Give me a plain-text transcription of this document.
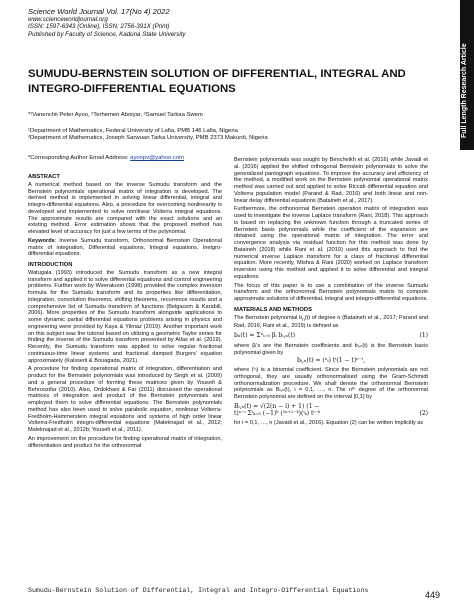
Science World Journal Vol. 17(No 4) 2022
www.scienceworldjournal.org
ISSN: 1597-6343 (Online), ISSN: 2756-391X (Print)
Published by Faculty of Science, Kaduna State University
Full Length Research Article
SUMUDU-BERNSTEIN SOLUTION OF DIFFERENTIAL, INTEGRAL AND INTEGRO-DIFFERENTIAL EQUATIONS
*¹Vanenchii Peter Ayoo, ²Terhemen Aboiyar, ²Samuel Tarkaa Swem
¹Department of Mathematics, Federal University of Lafia, PMB 146 Lafia, Nigeria
²Department of Mathematics, Joseph Sarwuan Tarka University, PMB 2373 Makurdi, Nigeria
*Corresponding Author Email Address: ayoopv@yahoo.com
ABSTRACT

A numerical method based on the inverse Sumudu transform and the Bernstein polynomials operational matrix of integration is developed. The derived method is implemented in solving linear differential, integral and integro-differential equations. Also, a procedure for overcoming nonlinearity is developed and implemented to solve nonlinear Volterra integral equations. The approximate results are compared with the exact solutions and an existing method. Error estimation shows that the proposed method has elevated level of accuracy for just a few terms of the polynomial.

Keywords: Inverse Sumudu transform, Orthonormal Bernstein Operational matrix of integration, Differential equations, Integral equations, Inetgro-differential equations.

INTRODUCTION

Watugala (1993) introduced the Sumudu transform as a new integral transform and applied it to solve differential equations and control engineering problems. Further work by Weerakoon (1998) provided the complex inversion formula for the Sumudu transform and its properties like differentiation, integration, convolution theorems, shifting theorems, recurrence results and a comprehensive list of Sumudu transform of functions (Belgacem & Karabili, 2006). More properties of the Sumudu transform alongside applications to some dynamic partial differential equations problems arising in physics and engineering were provided by Kaya & Yilmaz (2019). Another important work on this subject was the tutorial based on utilizing a geometric Taylor series for finding the inverse of the Sumudu transform presented by Atlas et al. (2019). Recently, the Sumudu transform was applied to solve regular fractional continuous-time linear systems and fractional damped Burgers' equation approximately (Kaisserli & Bouagada, 2021).

A procedure for finding operational matrix of integration, differentiation and product for the Bernstein polynomials was introduced by Singh et al. (2009) and a general procedure of forming these matrices given by Yousefi & Behroozifar (2010). Also, Ordokhani & Far (2011) discussed the operational matrices of integration and product of the Bernstein polynomials and employed them to solve differential equations. The Bernstein polynomials method has also been used to solve parabolic equation, nonlinear Volterra-Fredholm-Hammerstein integral equations and systems of high order linear Volterra-Fredholm integro-differential equations (Maleknajad et al., 2012; Maleknajad et al., 2012b; Yousefi et al., 2011).

An improvement on the procedure for finding operational matrix of integration, differentiation and product for the orthonormal

Bernstein polynomials was sought by Bencheikh et al. (2016) while Javadi et al. (2016) applied the shifted orthogonal Bernstein polynomials to solve the generalized pantograph equations. To improve the accuracy and efficiency of the method, a modified work on the Bernstein polynomial operational matrix method was carried out and applied to solve Riccati differential equation and Volterra population model (Parand & Rad, 2016) and both linear and non-linear delay differential equations (Bataineh et al., 2017).

Furthermore, the orthonormal Bernstein operation matrix of integration was used to investigate the inverse Laplace transform (Rani, 2018). This approach is based on replacing the unknown function through a truncated series of Bernstein basis polynomials while the coefficient of the expansion are obtained using the operational matrix of integration. The error and convergence analysis via residual function for this method was done by Bataineh (2018) while Rani et al. (2019) used this approach to find the numerical inverse Laplace transform for a class of fractional differential equation. More recently, Mishra & Rani (2020) worked on Laplace transform inversion using this method and applied it to solve differential and integral equations.

The focus of this paper is to use a combination of the inverse Sumudu transform and the orthonormal Bernstein polynomials matrix to compute approximate solutions of differential, integral and integro-differential equations.

MATERIALS AND METHODS

The Bernstein polynomial $b_n(t)$ of degree n (Bataineh et al., 2017; Parand and Rad, 2016; Rani et al., 2019) is defined as

bₙ(t) = Σⁿᵢ₌₀ βᵢ bᵢ,ₙ(t)	(1)

where βᵢ's are the Bernstein coefficients and bᵢ,ₙ(t) is the Bernstein basis polynomial given by

bᵢ,ₙ(t) = (ⁿᵢ) tⁱ(1 − t)ⁿ⁻ⁱ,

where (ⁿᵢ) is a binomial coefficient. Since the Bernstein polynomials are not orthogonal, they are usually orthonormalised using the Gram-Schmidt orthonormalization procedure. We shall denote the orthonormal Bernstein polynomials as Bᵢ,ₙ(t), i = 0,1, …, n. The nᵗʰ degree of the orthonormal Bernstein polynomial are defined on the interval [0,1] by

Bᵢ,ₙ(t) = √(2(n − i) + 1) (1 −
t)ⁿ⁻ⁱ Σⁱₖ₌₀ (−1)ᵏ (²ⁿ⁺¹⁻ᵏ)(ⁱₖ) tⁱ⁻ᵏ	(2)

for i = 0,1, …, n (Javadi et al., 2016). Equation (2) can be written implicitly as

Sumudu-Bernstein Solution of Differential, Integral and Integro-Differential Equations	449
